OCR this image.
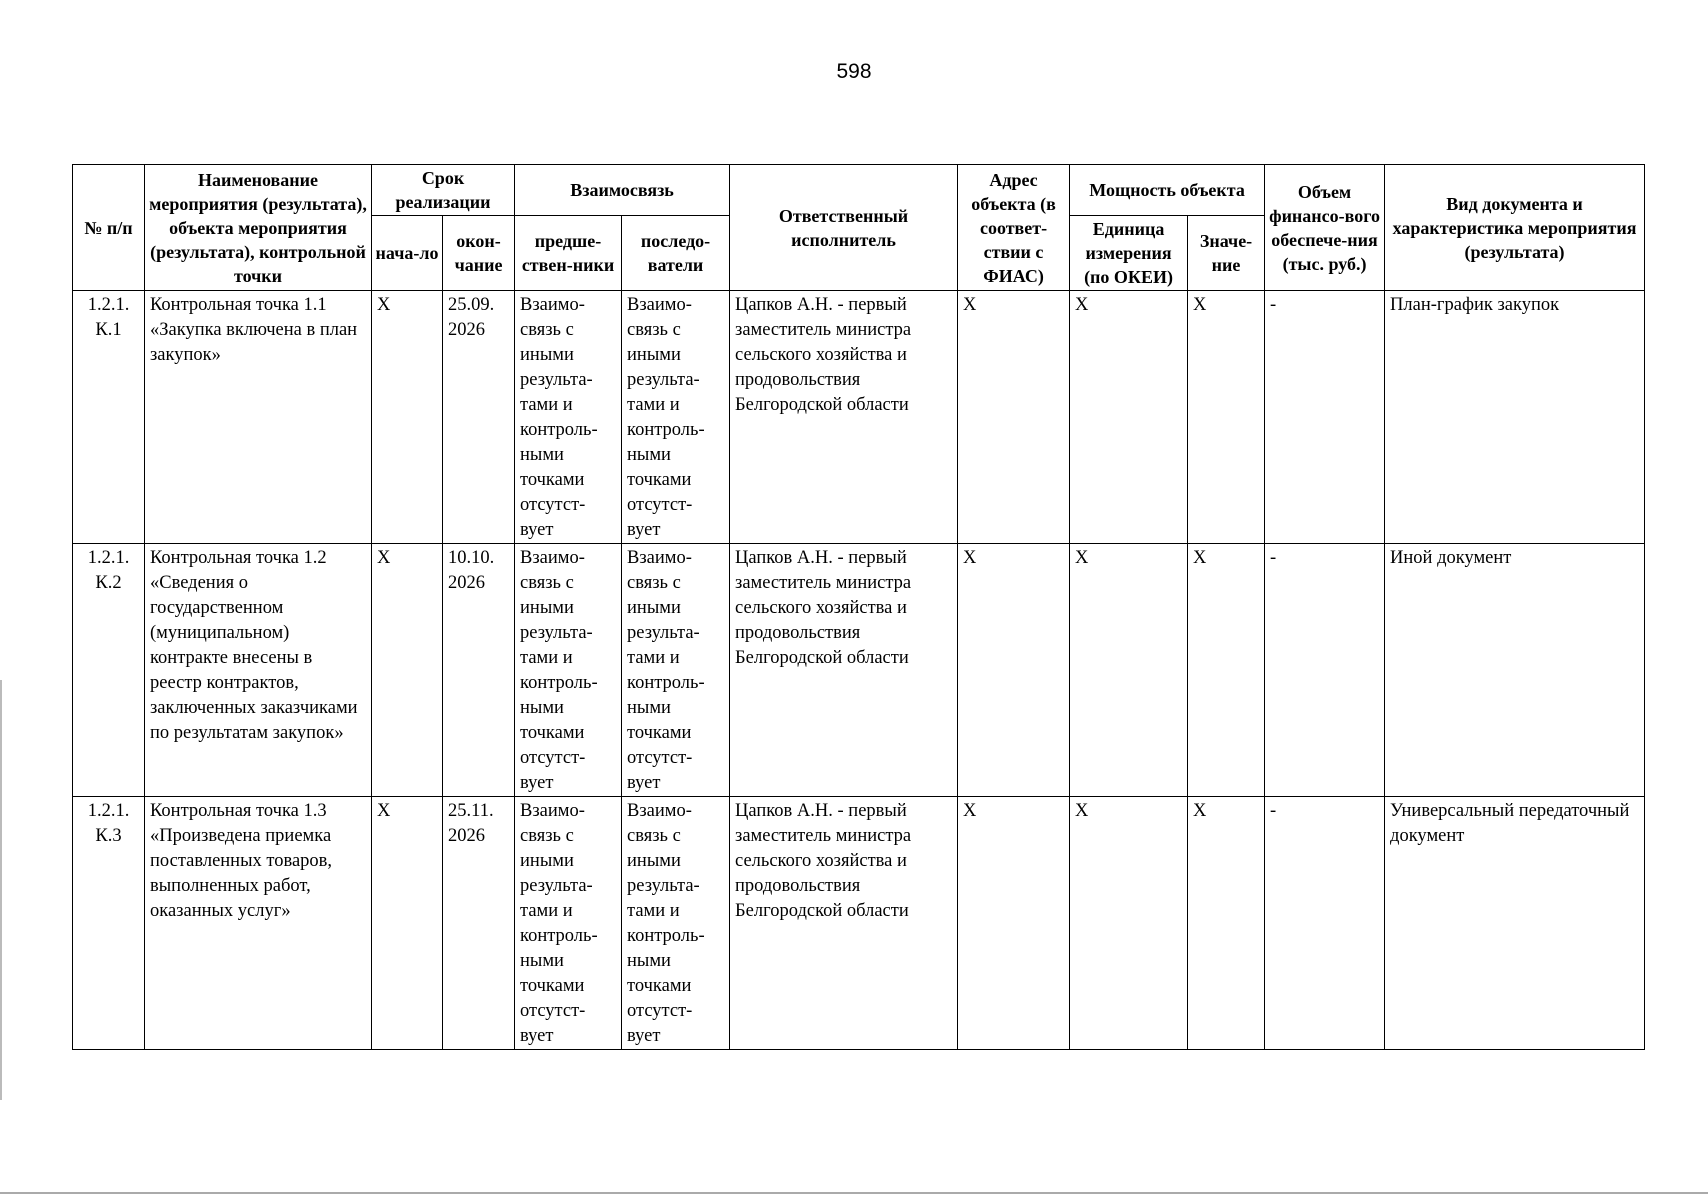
598
№ п/п	Наименование мероприятия (результата), объекта мероприятия (результата), контрольной точки	Срок реализации		Взаимосвязь		Ответственный исполнитель	Адрес объекта (в соответ-ствии с ФИАС)	Мощность объекта		Объем финансо-вого обеспече-ния (тыс. руб.)	Вид документа и характеристика мероприятия (результата)
		нача-ло	окон-чание	предше-ствен-ники	последо-ватели			Единица измерения (по ОКЕИ)	Значе-ние		
1.2.1. К.1	Контрольная точка 1.1 «Закупка включена в план закупок»	X	25.09. 2026	Взаимо-связь с иными результа-тами и контроль-ными точками отсутст-вует	Взаимо-связь с иными результа-тами и контроль-ными точками отсутст-вует	Цапков А.Н. - первый заместитель министра сельского хозяйства и продовольствия Белгородской области	X	X	X	-	План-график закупок
1.2.1. К.2	Контрольная точка 1.2 «Сведения о государственном (муниципальном) контракте внесены в реестр контрактов, заключенных заказчиками по результатам закупок»	X	10.10. 2026	Взаимо-связь с иными результа-тами и контроль-ными точками отсутст-вует	Взаимо-связь с иными результа-тами и контроль-ными точками отсутст-вует	Цапков А.Н. - первый заместитель министра сельского хозяйства и продовольствия Белгородской области	X	X	X	-	Иной документ
1.2.1. К.3	Контрольная точка 1.3 «Произведена приемка поставленных товаров, выполненных работ, оказанных услуг»	X	25.11. 2026	Взаимо-связь с иными результа-тами и контроль-ными точками отсутст-вует	Взаимо-связь с иными результа-тами и контроль-ными точками отсутст-вует	Цапков А.Н. - первый заместитель министра сельского хозяйства и продовольствия Белгородской области	X	X	X	-	Универсальный передаточный документ
